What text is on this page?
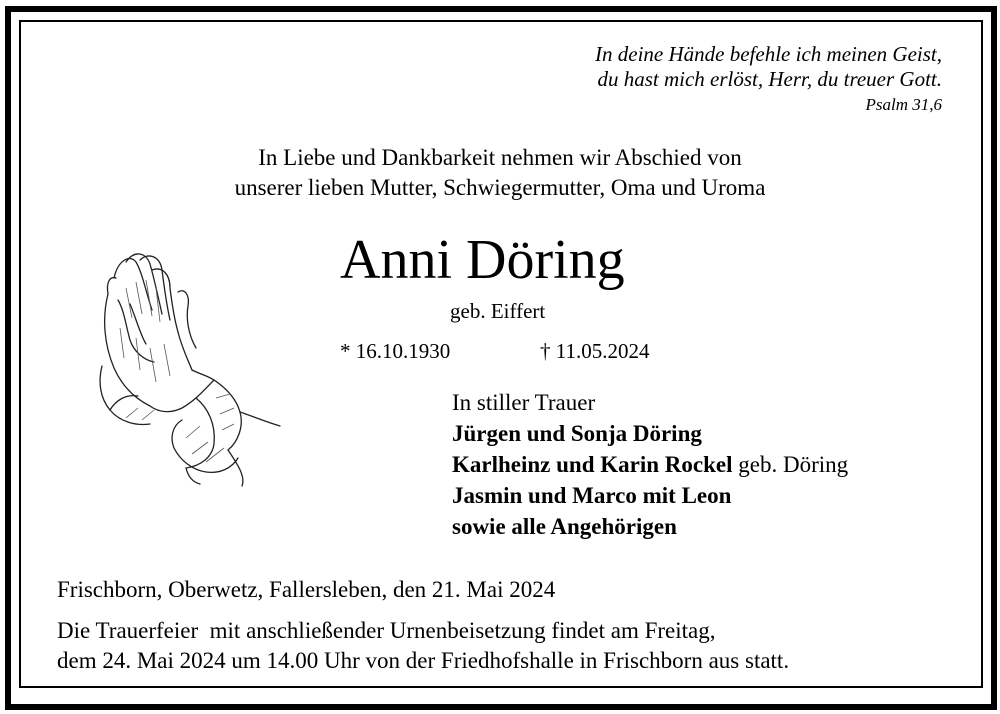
In deine Hände befehle ich meinen Geist,
du hast mich erlöst, Herr, du treuer Gott.
Psalm 31,6
In Liebe und Dankbarkeit nehmen wir Abschied von
unserer lieben Mutter, Schwiegermutter, Oma und Uroma
Anni Döring
geb. Eiffert
* 16.10.1930	† 11.05.2024
In stiller Trauer
Jürgen und Sonja Döring
Karlheinz und Karin Rockel geb. Döring
Jasmin und Marco mit Leon
sowie alle Angehörigen
Frischborn, Oberwetz, Fallersleben, den 21. Mai 2024
Die Trauerfeier  mit anschließender Urnenbeisetzung findet am Freitag,
dem 24. Mai 2024 um 14.00 Uhr von der Friedhofshalle in Frischborn aus statt.
